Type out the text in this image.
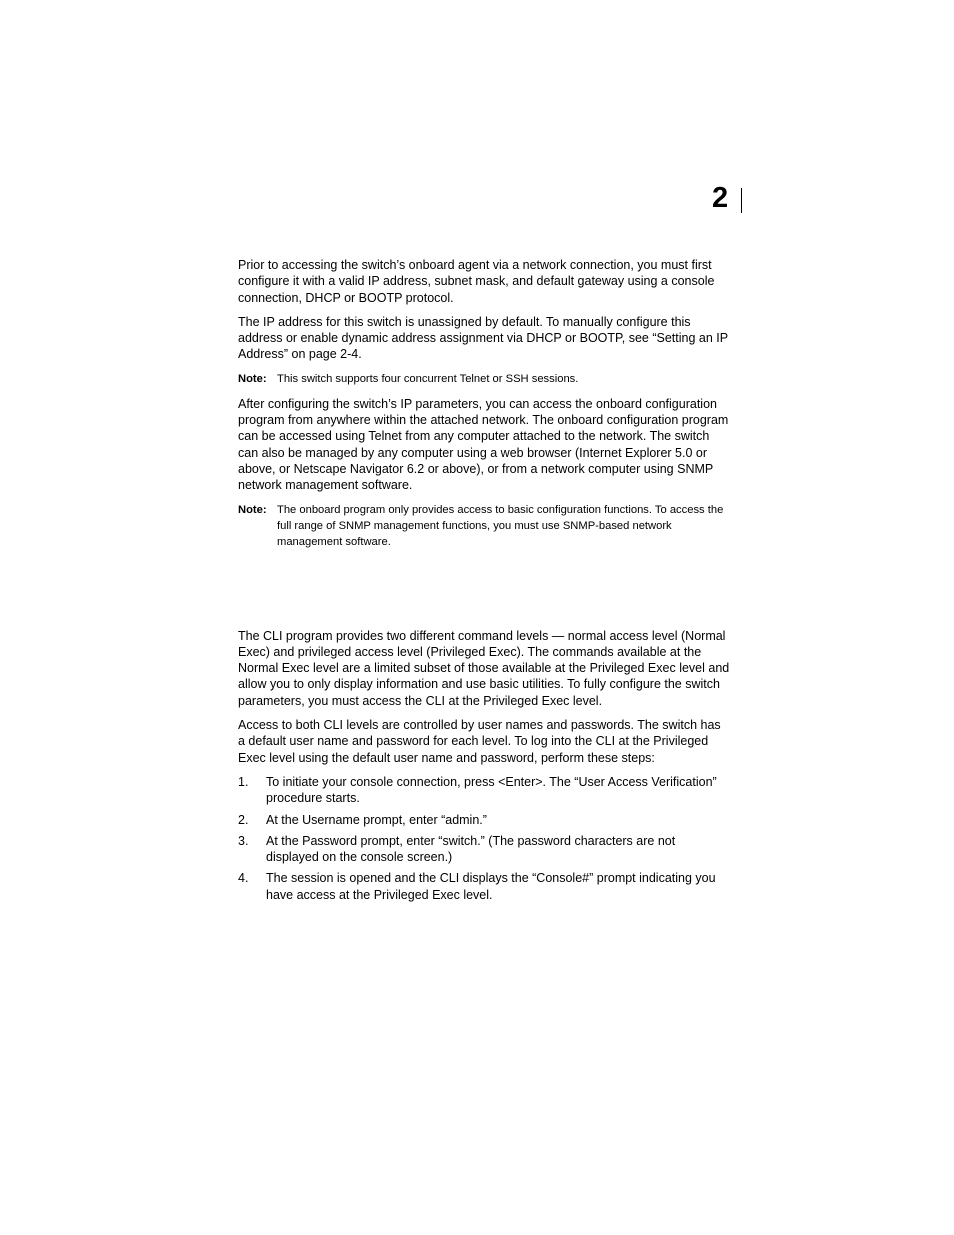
2

Prior to accessing the switch’s onboard agent via a network connection, you must first configure it with a valid IP address, subnet mask, and default gateway using a console connection, DHCP or BOOTP protocol.

The IP address for this switch is unassigned by default. To manually configure this address or enable dynamic address assignment via DHCP or BOOTP, see “Setting an IP Address” on page 2-4.

Note: This switch supports four concurrent Telnet or SSH sessions.

After configuring the switch’s IP parameters, you can access the onboard configuration program from anywhere within the attached network. The onboard configuration program can be accessed using Telnet from any computer attached to the network. The switch can also be managed by any computer using a web browser (Internet Explorer 5.0 or above, or Netscape Navigator 6.2 or above), or from a network computer using SNMP network management software.

Note: The onboard program only provides access to basic configuration functions. To access the full range of SNMP management functions, you must use SNMP-based network management software.

The CLI program provides two different command levels — normal access level (Normal Exec) and privileged access level (Privileged Exec). The commands available at the Normal Exec level are a limited subset of those available at the Privileged Exec level and allow you to only display information and use basic utilities. To fully configure the switch parameters, you must access the CLI at the Privileged Exec level.

Access to both CLI levels are controlled by user names and passwords. The switch has a default user name and password for each level. To log into the CLI at the Privileged Exec level using the default user name and password, perform these steps:

1.	To initiate your console connection, press <Enter>. The “User Access Verification” procedure starts.
2.	At the Username prompt, enter “admin.”
3.	At the Password prompt, enter “switch.” (The password characters are not displayed on the console screen.)
4.	The session is opened and the CLI displays the “Console#” prompt indicating you have access at the Privileged Exec level.
